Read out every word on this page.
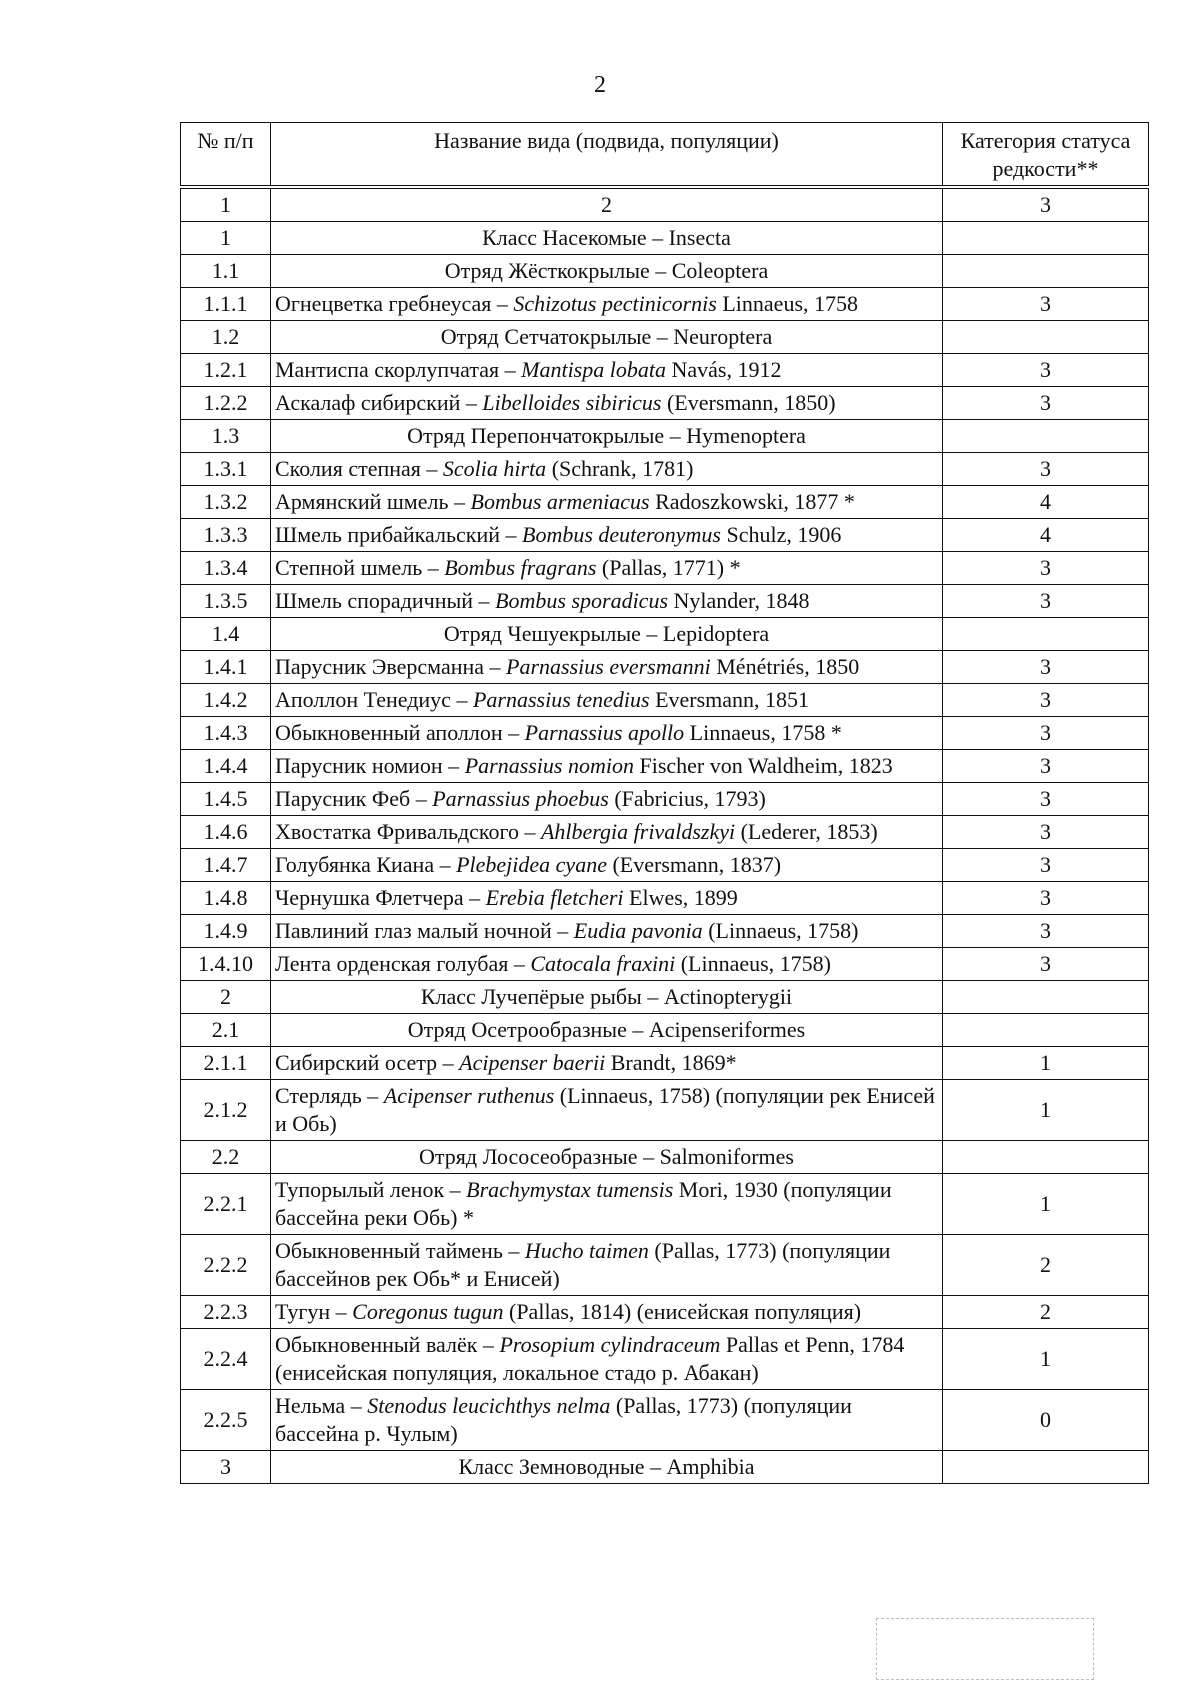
2
№ п/п	Название вида (подвида, популяции)	Категория статуса редкости**
1	2	3
1	Класс Насекомые – Insecta	
1.1	Отряд Жёсткокрылые – Coleoptera	
1.1.1	Огнецветка гребнеусая – Schizotus pectinicornis Linnaeus, 1758	3
1.2	Отряд Сетчатокрылые – Neuroptera	
1.2.1	Мантиспа скорлупчатая – Mantispa lobata Navás, 1912	3
1.2.2	Аскалаф сибирский – Libelloides sibiricus (Eversmann, 1850)	3
1.3	Отряд Перепончатокрылые – Hymenoptera	
1.3.1	Сколия степная – Scolia hirta (Schrank, 1781)	3
1.3.2	Армянский шмель – Bombus armeniacus Radoszkowski, 1877 *	4
1.3.3	Шмель прибайкальский – Bombus deuteronymus Schulz, 1906	4
1.3.4	Степной шмель – Bombus fragrans (Pallas, 1771) *	3
1.3.5	Шмель спорадичный – Bombus sporadicus Nylander, 1848	3
1.4	Отряд Чешуекрылые – Lepidoptera	
1.4.1	Парусник Эверсманна – Parnassius eversmanni Ménétriés, 1850	3
1.4.2	Аполлон Тенедиус – Parnassius tenedius Eversmann, 1851	3
1.4.3	Обыкновенный аполлон – Parnassius apollo Linnaeus, 1758 *	3
1.4.4	Парусник номион – Parnassius nomion Fischer von Waldheim, 1823	3
1.4.5	Парусник Феб – Parnassius phoebus (Fabricius, 1793)	3
1.4.6	Хвостатка Фривальдского – Ahlbergia frivaldszkyi (Lederer, 1853)	3
1.4.7	Голубянка Киана – Plebejidea cyane (Eversmann, 1837)	3
1.4.8	Чернушка Флетчера – Erebia fletcheri Elwes, 1899	3
1.4.9	Павлиний глаз малый ночной – Eudia pavonia (Linnaeus, 1758)	3
1.4.10	Лента орденская голубая – Catocala fraxini (Linnaeus, 1758)	3
2	Класс Лучепёрые рыбы – Actinopterygii	
2.1	Отряд Осетрообразные – Acipenseriformes	
2.1.1	Сибирский осетр – Acipenser baerii Brandt, 1869*	1
2.1.2	Стерлядь – Acipenser ruthenus (Linnaeus, 1758) (популяции рек Енисей и Обь)	1
2.2	Отряд Лососеобразные – Salmoniformes	
2.2.1	Тупорылый ленок – Brachymystax tumensis Mori, 1930 (популяции бассейна реки Обь) *	1
2.2.2	Обыкновенный таймень – Hucho taimen (Pallas, 1773) (популяции бассейнов рек Обь* и Енисей)	2
2.2.3	Тугун – Coregonus tugun (Pallas, 1814) (енисейская популяция)	2
2.2.4	Обыкновенный валёк – Prosopium cylindraceum Pallas et Penn, 1784 (енисейская популяция, локальное стадо р. Абакан)	1
2.2.5	Нельма – Stenodus leucichthys nelma (Pallas, 1773) (популяции бассейна р. Чулым)	0
3	Класс Земноводные – Amphibia	
